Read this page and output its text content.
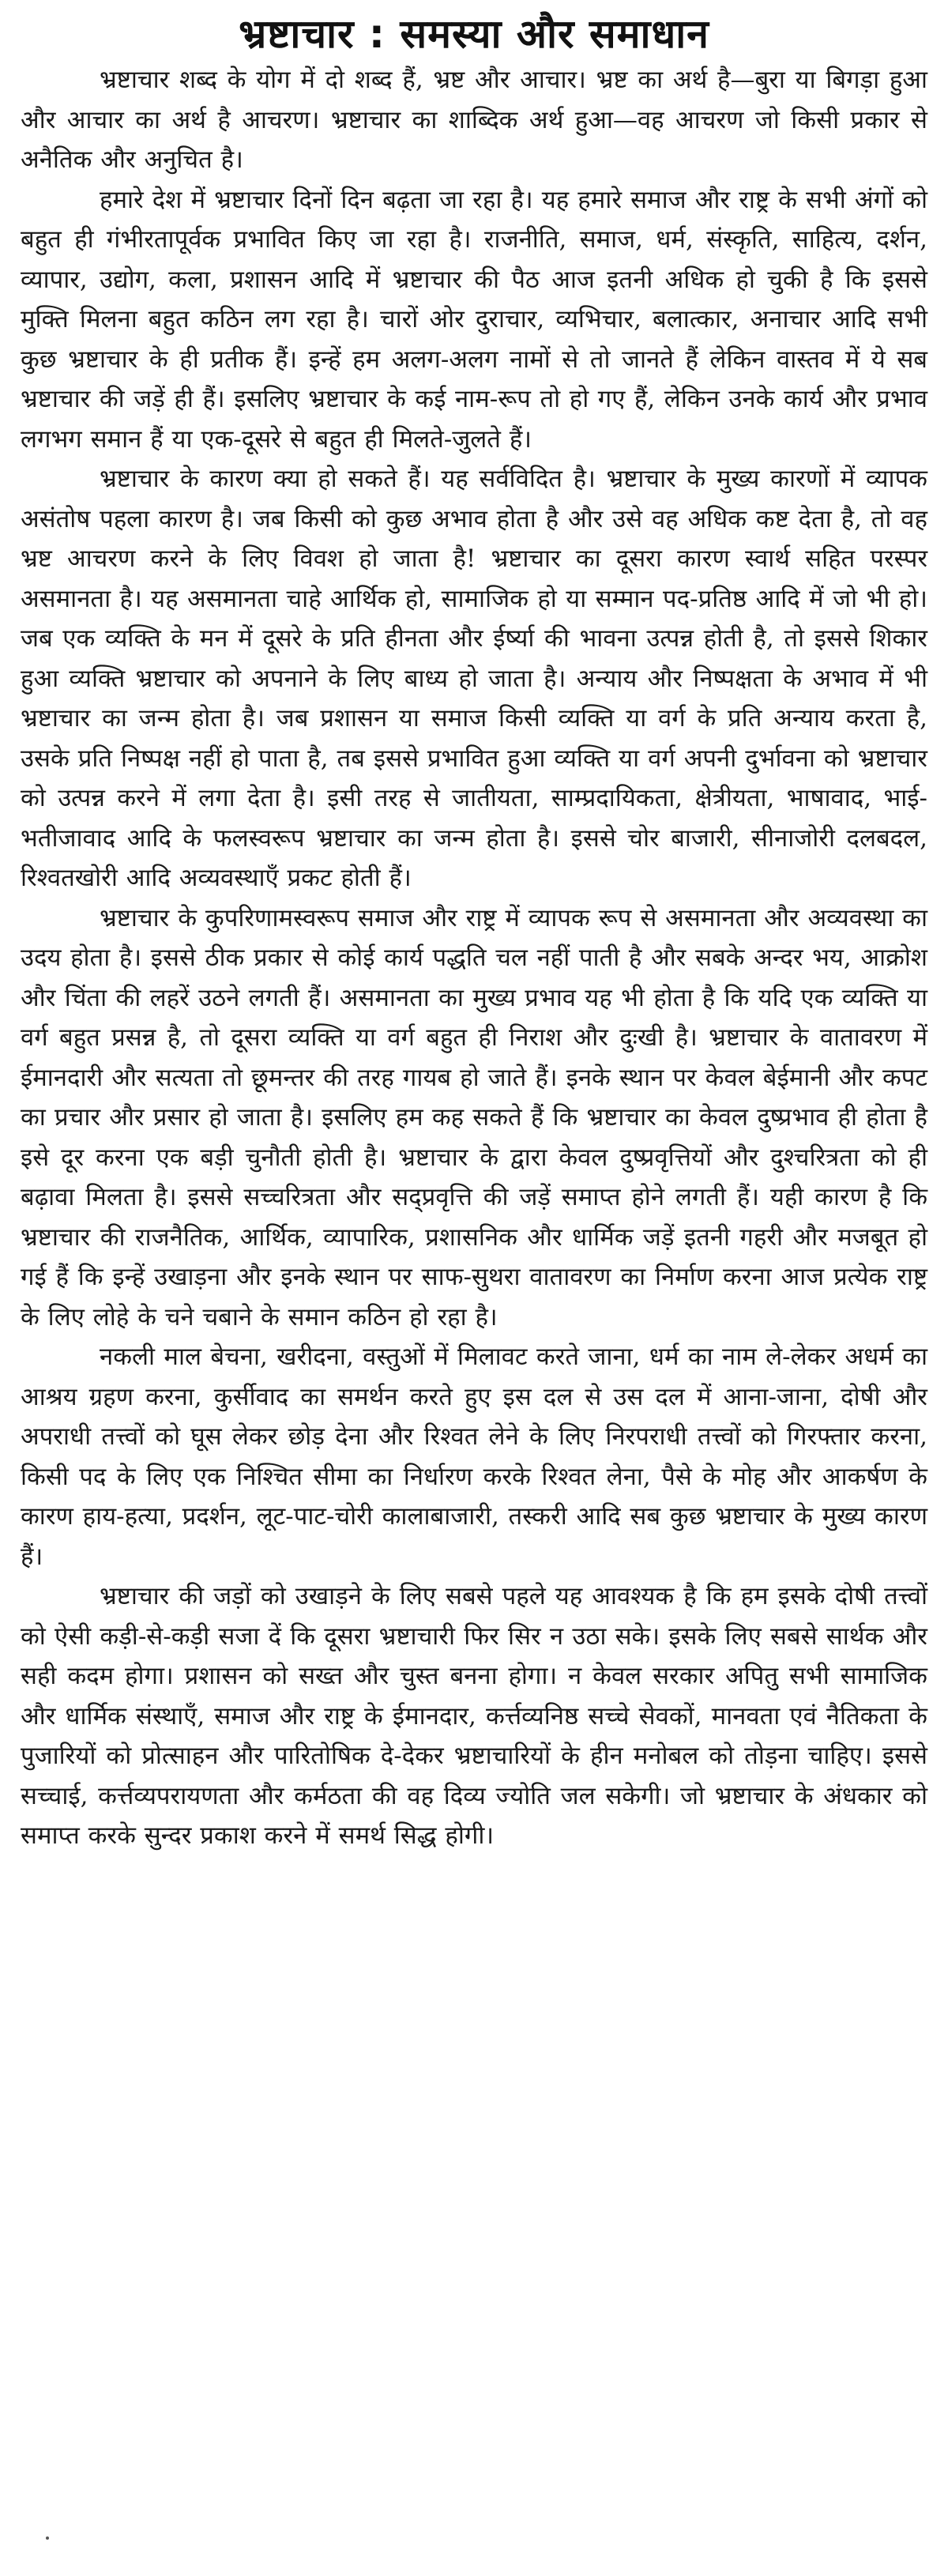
भ्रष्टाचार : समस्या और समाधान

भ्रष्टाचार शब्द के योग में दो शब्द हैं, भ्रष्ट और आचार। भ्रष्ट का अर्थ है—बुरा या बिगड़ा हुआ और आचार का अर्थ है आचरण। भ्रष्टाचार का शाब्दिक अर्थ हुआ—वह आचरण जो किसी प्रकार से अनैतिक और अनुचित है।

हमारे देश में भ्रष्टाचार दिनों दिन बढ़ता जा रहा है। यह हमारे समाज और राष्ट्र के सभी अंगों को बहुत ही गंभीरतापूर्वक प्रभावित किए जा रहा है। राजनीति, समाज, धर्म, संस्कृति, साहित्य, दर्शन, व्यापार, उद्योग, कला, प्रशासन आदि में भ्रष्टाचार की पैठ आज इतनी अधिक हो चुकी है कि इससे मुक्ति मिलना बहुत कठिन लग रहा है। चारों ओर दुराचार, व्यभिचार, बलात्कार, अनाचार आदि सभी कुछ भ्रष्टाचार के ही प्रतीक हैं। इन्हें हम अलग-अलग नामों से तो जानते हैं लेकिन वास्तव में ये सब भ्रष्टाचार की जड़ें ही हैं। इसलिए भ्रष्टाचार के कई नाम-रूप तो हो गए हैं, लेकिन उनके कार्य और प्रभाव लगभग समान हैं या एक-दूसरे से बहुत ही मिलते-जुलते हैं।

भ्रष्टाचार के कारण क्या हो सकते हैं। यह सर्वविदित है। भ्रष्टाचार के मुख्य कारणों में व्यापक असंतोष पहला कारण है। जब किसी को कुछ अभाव होता है और उसे वह अधिक कष्ट देता है, तो वह भ्रष्ट आचरण करने के लिए विवश हो जाता है! भ्रष्टाचार का दूसरा कारण स्वार्थ सहित परस्पर असमानता है। यह असमानता चाहे आर्थिक हो, सामाजिक हो या सम्मान पद-प्रतिष्ठ आदि में जो भी हो। जब एक व्यक्ति के मन में दूसरे के प्रति हीनता और ईर्ष्या की भावना उत्पन्न होती है, तो इससे शिकार हुआ व्यक्ति भ्रष्टाचार को अपनाने के लिए बाध्य हो जाता है। अन्याय और निष्पक्षता के अभाव में भी भ्रष्टाचार का जन्म होता है। जब प्रशासन या समाज किसी व्यक्ति या वर्ग के प्रति अन्याय करता है, उसके प्रति निष्पक्ष नहीं हो पाता है, तब इससे प्रभावित हुआ व्यक्ति या वर्ग अपनी दुर्भावना को भ्रष्टाचार को उत्पन्न करने में लगा देता है। इसी तरह से जातीयता, साम्प्रदायिकता, क्षेत्रीयता, भाषावाद, भाई-भतीजावाद आदि के फलस्वरूप भ्रष्टाचार का जन्म होता है। इससे चोर बाजारी, सीनाजोरी दलबदल, रिश्वतखोरी आदि अव्यवस्थाएँ प्रकट होती हैं।

भ्रष्टाचार के कुपरिणामस्वरूप समाज और राष्ट्र में व्यापक रूप से असमानता और अव्यवस्था का उदय होता है। इससे ठीक प्रकार से कोई कार्य पद्धति चल नहीं पाती है और सबके अन्दर भय, आक्रोश और चिंता की लहरें उठने लगती हैं। असमानता का मुख्य प्रभाव यह भी होता है कि यदि एक व्यक्ति या वर्ग बहुत प्रसन्न है, तो दूसरा व्यक्ति या वर्ग बहुत ही निराश और दुःखी है। भ्रष्टाचार के वातावरण में ईमानदारी और सत्यता तो छूमन्तर की तरह गायब हो जाते हैं। इनके स्थान पर केवल बेईमानी और कपट का प्रचार और प्रसार हो जाता है। इसलिए हम कह सकते हैं कि भ्रष्टाचार का केवल दुष्प्रभाव ही होता है इसे दूर करना एक बड़ी चुनौती होती है। भ्रष्टाचार के द्वारा केवल दुष्प्रवृत्तियों और दुश्चरित्रता को ही बढ़ावा मिलता है। इससे सच्चरित्रता और सद्प्रवृत्ति की जड़ें समाप्त होने लगती हैं। यही कारण है कि भ्रष्टाचार की राजनैतिक, आर्थिक, व्यापारिक, प्रशासनिक और धार्मिक जड़ें इतनी गहरी और मजबूत हो गई हैं कि इन्हें उखाड़ना और इनके स्थान पर साफ-सुथरा वातावरण का निर्माण करना आज प्रत्येक राष्ट्र के लिए लोहे के चने चबाने के समान कठिन हो रहा है।

नकली माल बेचना, खरीदना, वस्तुओं में मिलावट करते जाना, धर्म का नाम ले-लेकर अधर्म का आश्रय ग्रहण करना, कुर्सीवाद का समर्थन करते हुए इस दल से उस दल में आना-जाना, दोषी और अपराधी तत्त्वों को घूस लेकर छोड़ देना और रिश्वत लेने के लिए निरपराधी तत्त्वों को गिरफ्तार करना, किसी पद के लिए एक निश्चित सीमा का निर्धारण करके रिश्वत लेना, पैसे के मोह और आकर्षण के कारण हाय-हत्या, प्रदर्शन, लूट-पाट-चोरी कालाबाजारी, तस्करी आदि सब कुछ भ्रष्टाचार के मुख्य कारण हैं।

भ्रष्टाचार की जड़ों को उखाड़ने के लिए सबसे पहले यह आवश्यक है कि हम इसके दोषी तत्त्वों को ऐसी कड़ी-से-कड़ी सजा दें कि दूसरा भ्रष्टाचारी फिर सिर न उठा सके। इसके लिए सबसे सार्थक और सही कदम होगा। प्रशासन को सख्त और चुस्त बनना होगा। न केवल सरकार अपितु सभी सामाजिक और धार्मिक संस्थाएँ, समाज और राष्ट्र के ईमानदार, कर्त्तव्यनिष्ठ सच्चे सेवकों, मानवता एवं नैतिकता के पुजारियों को प्रोत्साहन और पारितोषिक दे-देकर भ्रष्टाचारियों के हीन मनोबल को तोड़ना चाहिए। इससे सच्चाई, कर्त्तव्यपरायणता और कर्मठता की वह दिव्य ज्योति जल सकेगी। जो भ्रष्टाचार के अंधकार को समाप्त करके सुन्दर प्रकाश करने में समर्थ सिद्ध होगी।
